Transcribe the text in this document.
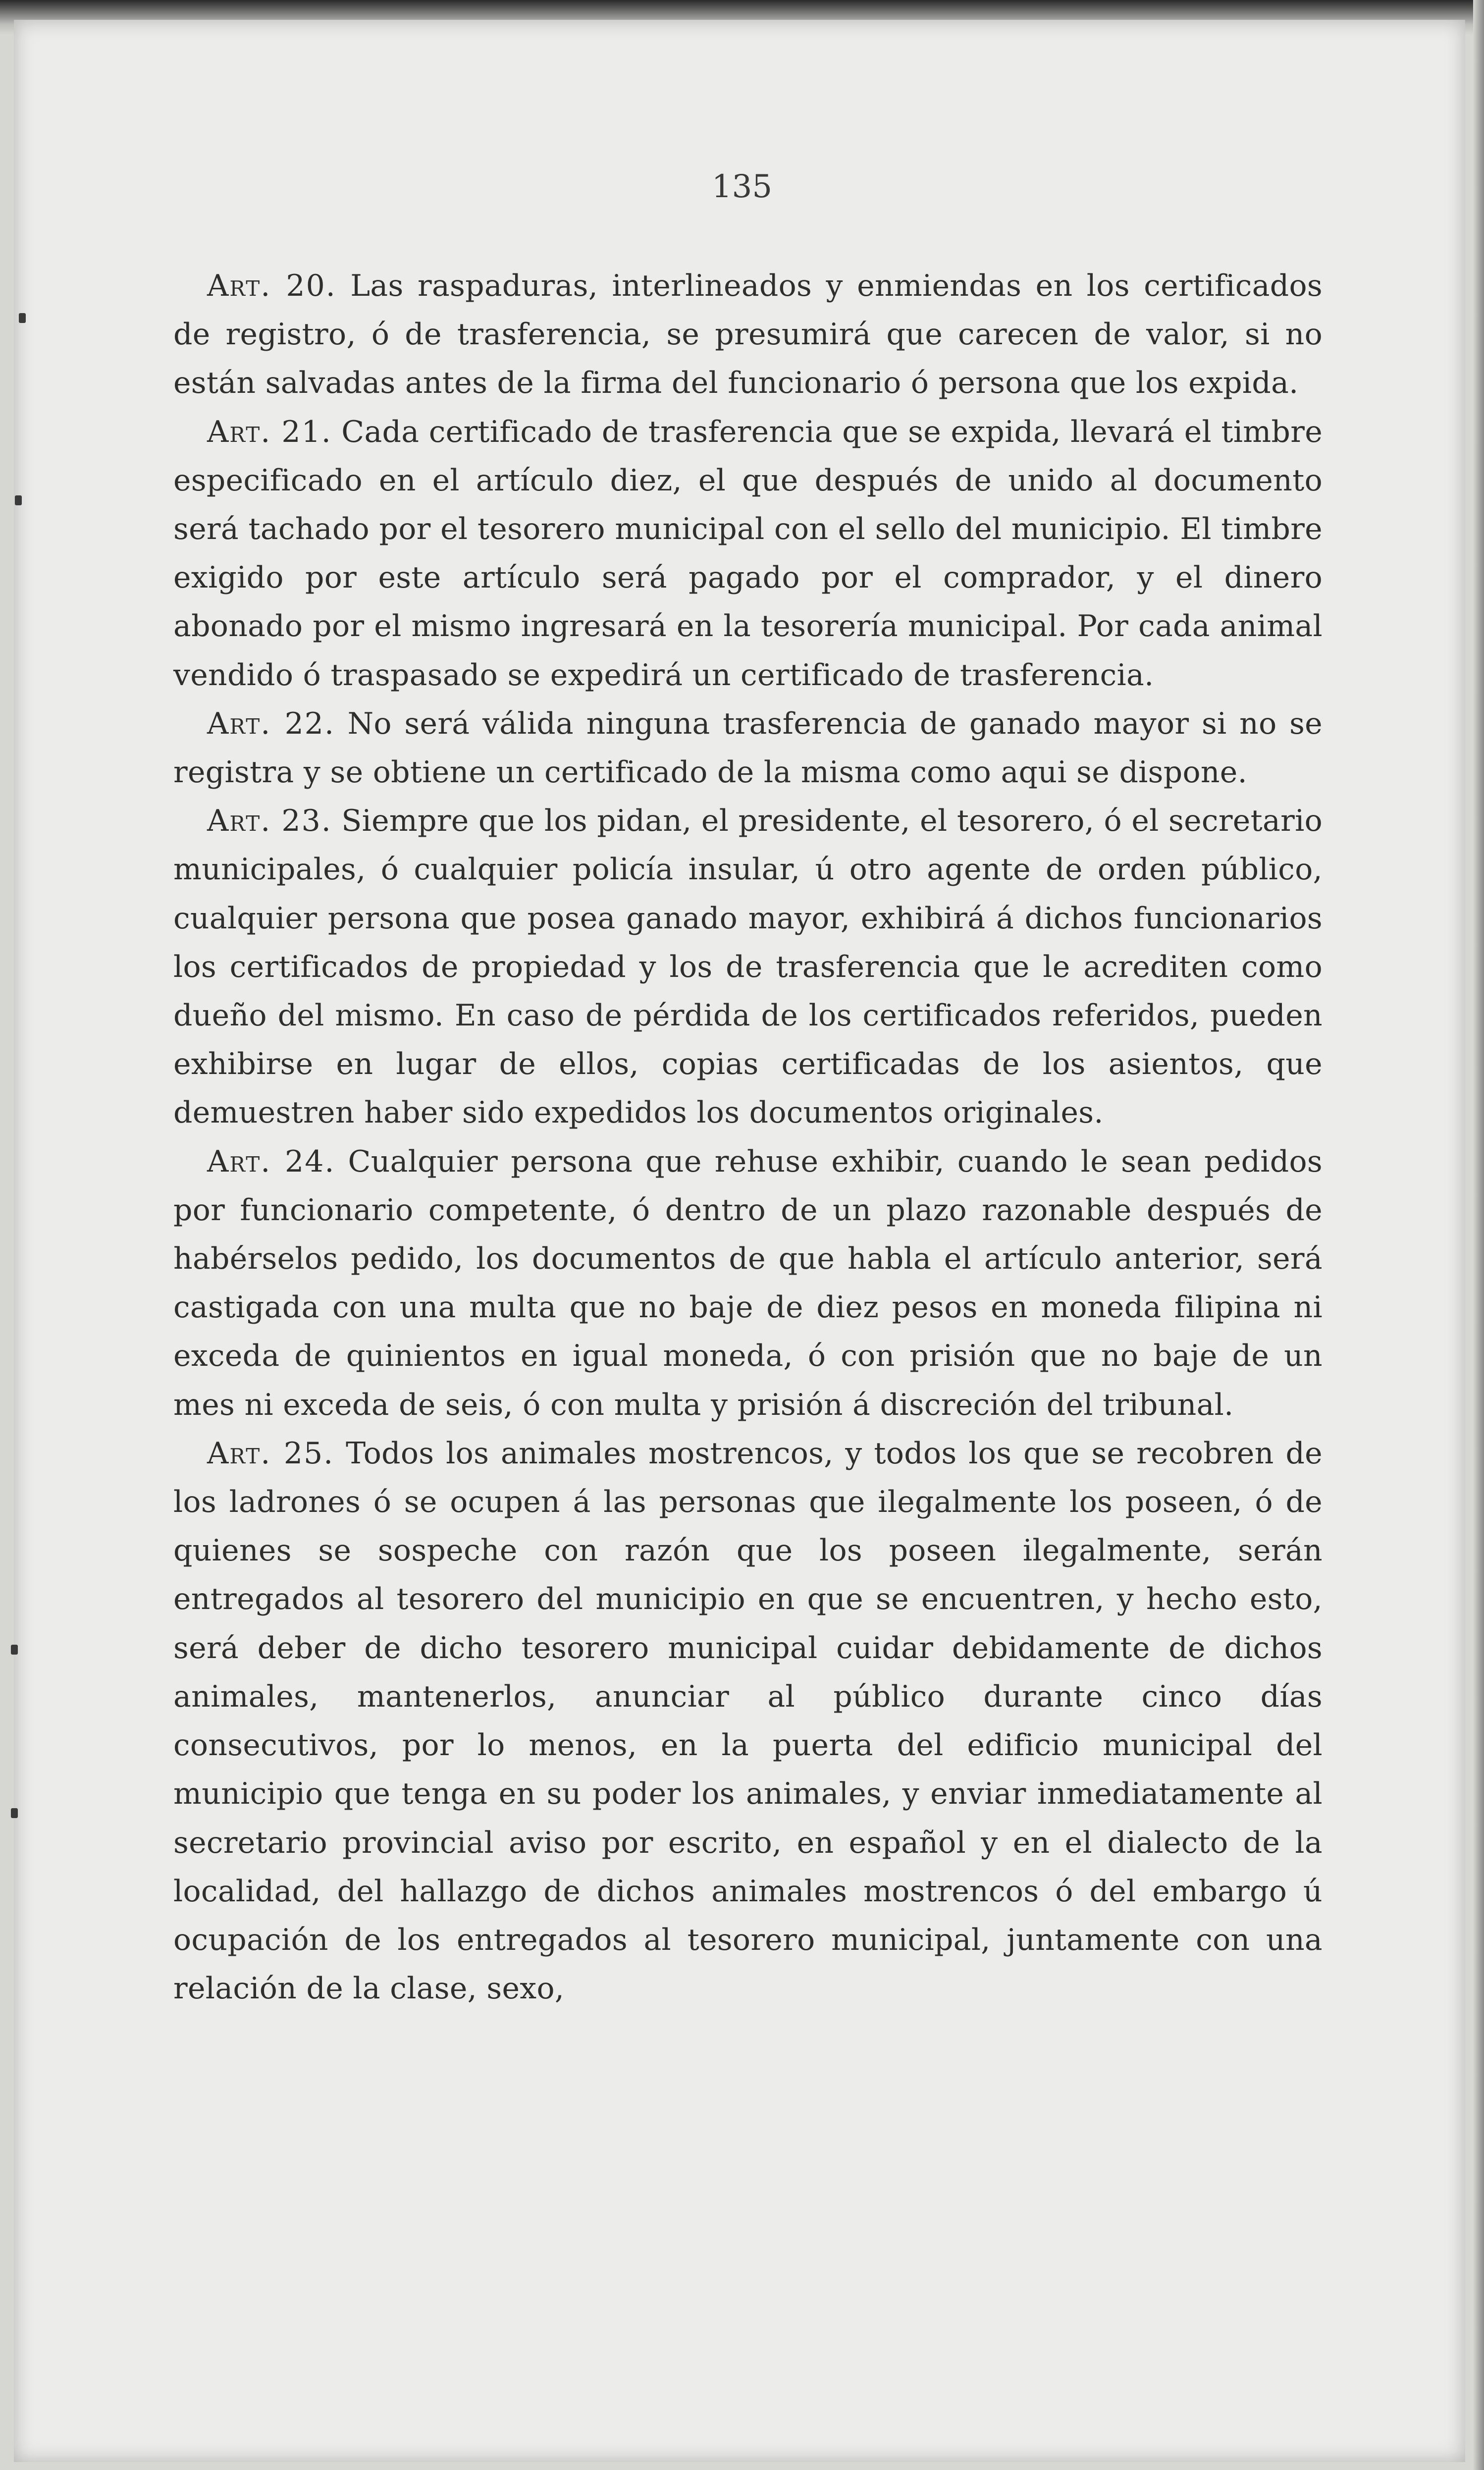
135

Art. 20. Las raspaduras, interlineados y enmiendas en los certificados de registro, ó de trasferencia, se presumirá que carecen de valor, si no están salvadas antes de la firma del funcionario ó persona que los expida.

Art. 21. Cada certificado de trasferencia que se expida, llevará el timbre especificado en el artículo diez, el que después de unido al documento será tachado por el tesorero municipal con el sello del municipio. El timbre exigido por este artículo será pagado por el comprador, y el dinero abonado por el mismo ingresará en la tesorería municipal. Por cada animal vendido ó traspasado se expedirá un certificado de trasferencia.

Art. 22. No será válida ninguna trasferencia de ganado mayor si no se registra y se obtiene un certificado de la misma como aqui se dispone.

Art. 23. Siempre que los pidan, el presidente, el tesorero, ó el secretario municipales, ó cualquier policía insular, ú otro agente de orden público, cualquier persona que posea ganado mayor, exhibirá á dichos funcionarios los certificados de propiedad y los de trasferencia que le acrediten como dueño del mismo. En caso de pérdida de los certificados referidos, pueden exhibirse en lugar de ellos, copias certificadas de los asientos, que demuestren haber sido expedidos los documentos originales.

Art. 24. Cualquier persona que rehuse exhibir, cuando le sean pedidos por funcionario competente, ó dentro de un plazo razonable después de habérselos pedido, los documentos de que habla el artículo anterior, será castigada con una multa que no baje de diez pesos en moneda filipina ni exceda de quinientos en igual moneda, ó con prisión que no baje de un mes ni exceda de seis, ó con multa y prisión á discreción del tribunal.

Art. 25. Todos los animales mostrencos, y todos los que se recobren de los ladrones ó se ocupen á las personas que ilegalmente los poseen, ó de quienes se sospeche con razón que los poseen ilegalmente, serán entregados al tesorero del municipio en que se encuentren, y hecho esto, será deber de dicho tesorero municipal cuidar debidamente de dichos animales, mantenerlos, anunciar al público durante cinco días consecutivos, por lo menos, en la puerta del edificio municipal del municipio que tenga en su poder los animales, y enviar inmediatamente al secretario provincial aviso por escrito, en español y en el dialecto de la localidad, del hallazgo de dichos animales mostrencos ó del embargo ú ocupación de los entregados al tesorero municipal, juntamente con una relación de la clase, sexo,
